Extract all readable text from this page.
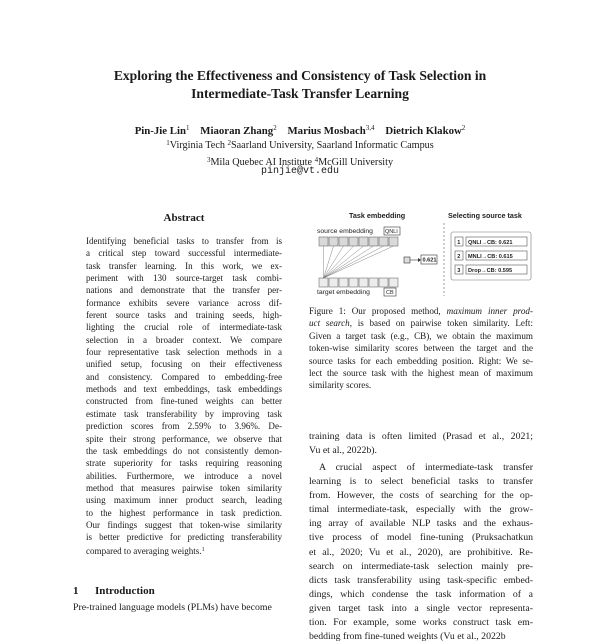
Exploring the Effectiveness and Consistency of Task Selection in
Intermediate-Task Transfer Learning
Pin-Jie Lin$^1$ Miaoran Zhang$^2$ Marius Mosbach$^{3,4}$ Dietrich Klakow$^2$
$^1$Virginia Tech $^2$Saarland University, Saarland Informatic Campus
$^3$Mila Quebec AI Institute $^4$McGill University
pinjie@vt.edu
Abstract
Identifying beneficial tasks to transfer from is
a critical step toward successful intermediate-
task transfer learning. In this work, we ex-
periment with 130 source-target task combi-
nations and demonstrate that the transfer per-
formance exhibits severe variance across dif-
ferent source tasks and training seeds, high-
lighting the crucial role of intermediate-task
selection in a broader context. We compare
four representative task selection methods in a
unified setup, focusing on their effectiveness
and consistency. Compared to embedding-free
methods and text embeddings, task embeddings
constructed from fine-tuned weights can better
estimate task transferability by improving task
prediction scores from 2.59% to 3.96%. De-
spite their strong performance, we observe that
the task embeddings do not consistently demon-
strate superiority for tasks requiring reasoning
abilities. Furthermore, we introduce a novel
method that measures pairwise token similarity
using maximum inner product search, leading
to the highest performance in task prediction.
Our findings suggest that token-wise similarity
is better predictive for predicting transferability
compared to averaging weights.$^1$
1 Introduction
Pre-trained language models (PLMs) have become
Task embedding	Selecting source task
source embedding QNLI
0.621
target embedding	CB
1 QNLI→CB: 0.621
2 MNLI→CB: 0.615
3 Drop→CB: 0.595
Figure 1: Our proposed method, maximum inner prod-
uct search, is based on pairwise token similarity. Left:
Given a target task (e.g., CB), we obtain the maximum
token-wise similarity scores between the target and the
source tasks for each embedding position. Right: We se-
lect the source task with the highest mean of maximum
similarity scores.
training data is often limited (Prasad et al., 2021;
Vu et al., 2022b).
A crucial aspect of intermediate-task transfer
learning is to select beneficial tasks to transfer
from. However, the costs of searching for the op-
timal intermediate-task, especially with the grow-
ing array of available NLP tasks and the exhaus-
tive process of model fine-tuning (Pruksachatkun
et al., 2020; Vu et al., 2020), are prohibitive. Re-
search on intermediate-task selection mainly pre-
dicts task transferability using task-specific embed-
dings, which condense the task information of a
given target task into a single vector representa-
tion. For example, some works construct task em-
bedding from fine-tuned weights (Vu et al., 2022b
